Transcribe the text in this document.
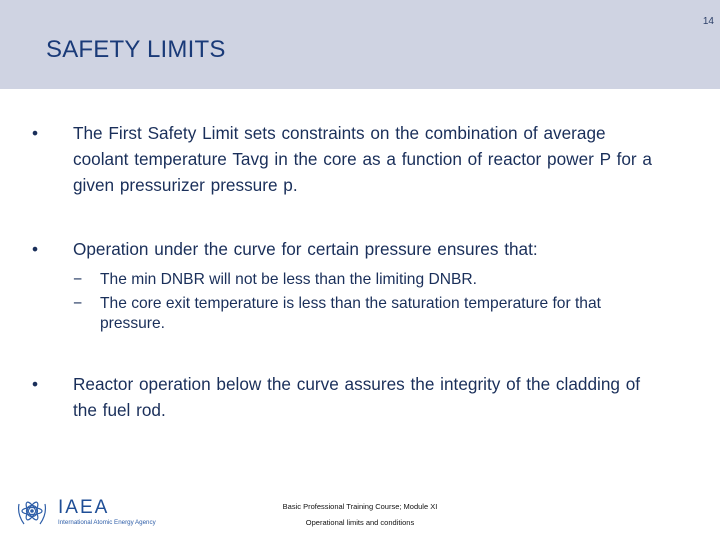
14
SAFETY LIMITS
• The First Safety Limit sets constraints on the combination of average coolant temperature Tavg in the core as a function of reactor power P for a given pressurizer pressure p.
• Operation under the curve for certain pressure ensures that:
− The min DNBR will not be less than the limiting DNBR.
− The core exit temperature is less than the saturation temperature for that pressure.
• Reactor operation below the curve assures the integrity of the cladding of the fuel rod.
IAEA
International Atomic Energy Agency
Basic Professional Training Course; Module XI
Operational limits and conditions
